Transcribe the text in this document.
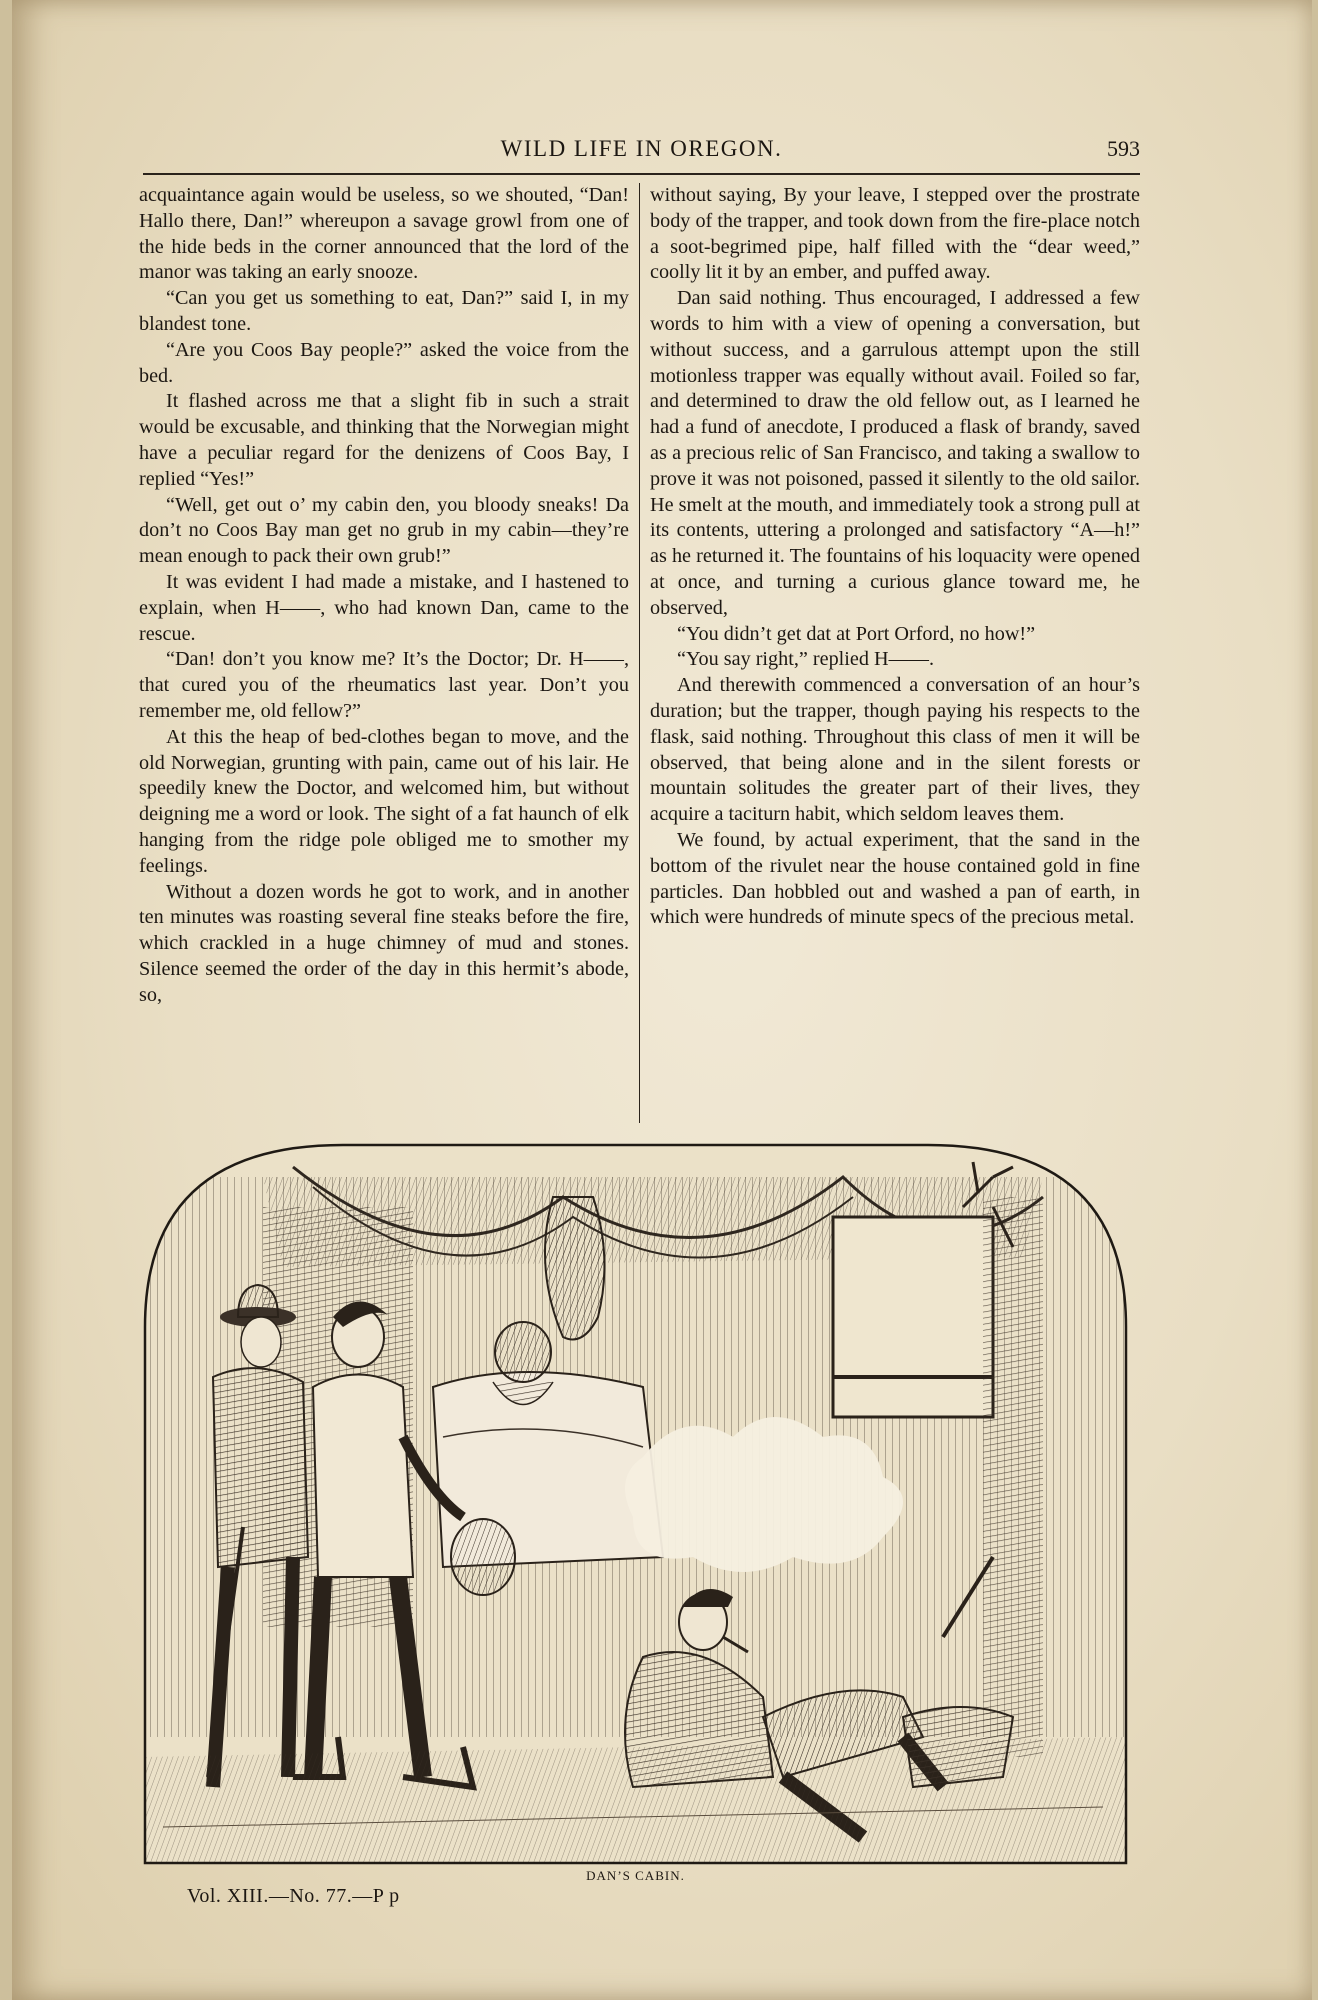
WILD LIFE IN OREGON.	593

acquaintance again would be useless, so we shouted, “Dan! Hallo there, Dan!” whereupon a savage growl from one of the hide beds in the corner announced that the lord of the manor was taking an early snooze.

“Can you get us something to eat, Dan?” said I, in my blandest tone.

“Are you Coos Bay people?” asked the voice from the bed.

It flashed across me that a slight fib in such a strait would be excusable, and thinking that the Norwegian might have a peculiar regard for the denizens of Coos Bay, I replied “Yes!”

“Well, get out o’ my cabin den, you bloody sneaks! Da don’t no Coos Bay man get no grub in my cabin—they’re mean enough to pack their own grub!”

It was evident I had made a mistake, and I hastened to explain, when H——, who had known Dan, came to the rescue.

“Dan! don’t you know me? It’s the Doctor; Dr. H——, that cured you of the rheumatics last year. Don’t you remember me, old fellow?”

At this the heap of bed-clothes began to move, and the old Norwegian, grunting with pain, came out of his lair. He speedily knew the Doctor, and welcomed him, but without deigning me a word or look. The sight of a fat haunch of elk hanging from the ridge pole obliged me to smother my feelings.

Without a dozen words he got to work, and in another ten minutes was roasting several fine steaks before the fire, which crackled in a huge chimney of mud and stones. Silence seemed the order of the day in this hermit’s abode, so,

without saying, By your leave, I stepped over the prostrate body of the trapper, and took down from the fire-place notch a soot-begrimed pipe, half filled with the “dear weed,” coolly lit it by an ember, and puffed away.

Dan said nothing. Thus encouraged, I addressed a few words to him with a view of opening a conversation, but without success, and a garrulous attempt upon the still motionless trapper was equally without avail. Foiled so far, and determined to draw the old fellow out, as I learned he had a fund of anecdote, I produced a flask of brandy, saved as a precious relic of San Francisco, and taking a swallow to prove it was not poisoned, passed it silently to the old sailor. He smelt at the mouth, and immediately took a strong pull at its contents, uttering a prolonged and satisfactory “A—h!” as he returned it. The fountains of his loquacity were opened at once, and turning a curious glance toward me, he observed,

“You didn’t get dat at Port Orford, no how!”

“You say right,” replied H——.

And therewith commenced a conversation of an hour’s duration; but the trapper, though paying his respects to the flask, said nothing. Throughout this class of men it will be observed, that being alone and in the silent forests or mountain solitudes the greater part of their lives, they acquire a taciturn habit, which seldom leaves them.

We found, by actual experiment, that the sand in the bottom of the rivulet near the house contained gold in fine particles. Dan hobbled out and washed a pan of earth, in which were hundreds of minute specs of the precious metal.

DAN’S CABIN.
Vol. XIII.—No. 77.—P p
